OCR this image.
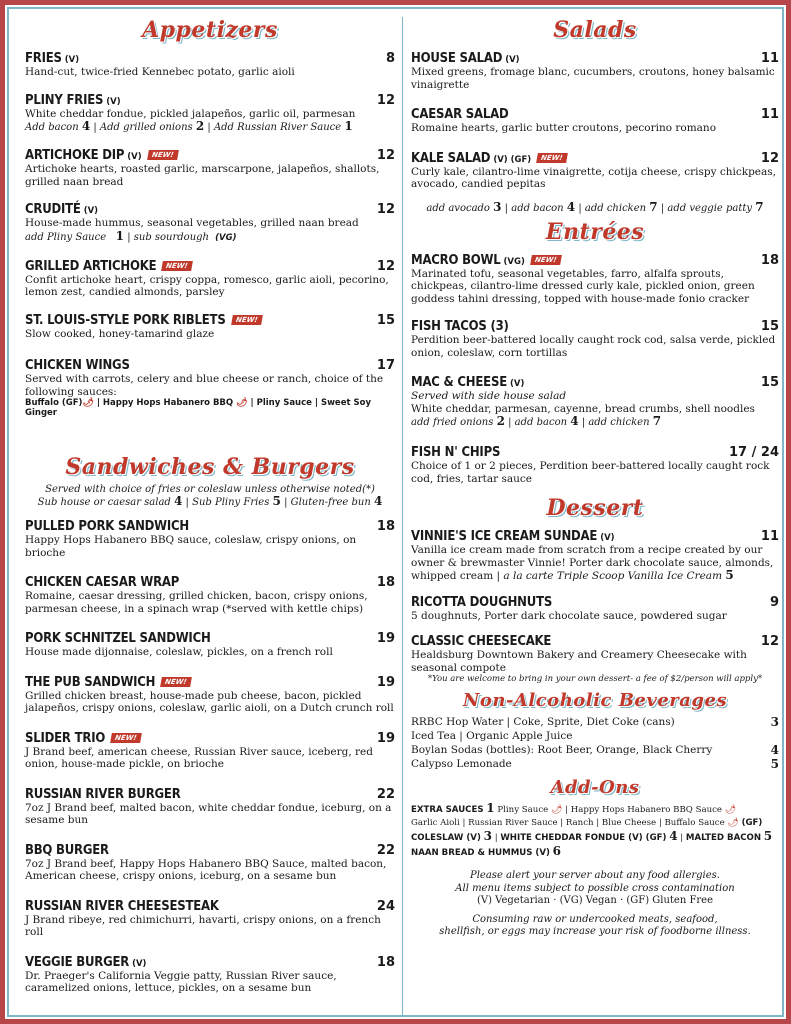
Appetizers
FRIES (V)	8
Hand-cut, twice-fried Kennebec potato, garlic aioli
PLINY FRIES (V)	12
White cheddar fondue, pickled jalapeños, garlic oil, parmesan
Add bacon 4 | Add grilled onions 2 | Add Russian River Sauce 1
ARTICHOKE DIP (V) NEW!	12
Artichoke hearts, roasted garlic, marscarpone, jalapeños, shallots, grilled naan bread
CRUDITÉ (V)	12
House-made hummus, seasonal vegetables, grilled naan bread
add Pliny Sauce 1 | sub sourdough (VG)
GRILLED ARTICHOKE NEW!	12
Confit artichoke heart, crispy coppa, romesco, garlic aioli, pecorino, lemon zest, candied almonds, parsley
ST. LOUIS-STYLE PORK RIBLETS NEW!	15
Slow cooked, honey-tamarind glaze
CHICKEN WINGS	17
Served with carrots, celery and blue cheese or ranch, choice of the following sauces:
Buffalo (GF)🌶 | Happy Hops Habanero BBQ 🌶 | Pliny Sauce | Sweet Soy Ginger
Sandwiches & Burgers
Served with choice of fries or coleslaw unless otherwise noted(*)
Sub house or caesar salad 4 | Sub Pliny Fries 5 | Gluten-free bun 4
PULLED PORK SANDWICH	18
Happy Hops Habanero BBQ sauce, coleslaw, crispy onions, on brioche
CHICKEN CAESAR WRAP	18
Romaine, caesar dressing, grilled chicken, bacon, crispy onions, parmesan cheese, in a spinach wrap (*served with kettle chips)
PORK SCHNITZEL SANDWICH	19
House made dijonnaise, coleslaw, pickles, on a french roll
THE PUB SANDWICH NEW!	19
Grilled chicken breast, house-made pub cheese, bacon, pickled jalapeños, crispy onions, coleslaw, garlic aioli, on a Dutch crunch roll
SLIDER TRIO NEW!	19
J Brand beef, american cheese, Russian River sauce, iceberg, red onion, house-made pickle, on brioche
RUSSIAN RIVER BURGER	22
7oz J Brand beef, malted bacon, white cheddar fondue, iceburg, on a sesame bun
BBQ BURGER	22
7oz J Brand beef, Happy Hops Habanero BBQ Sauce, malted bacon, American cheese, crispy onions, iceburg, on a sesame bun
RUSSIAN RIVER CHEESESTEAK	24
J Brand ribeye, red chimichurri, havarti, crispy onions, on a french roll
VEGGIE BURGER (V)	18
Dr. Praeger's California Veggie patty, Russian River sauce, caramelized onions, lettuce, pickles, on a sesame bun
Salads
HOUSE SALAD (V)	11
Mixed greens, fromage blanc, cucumbers, croutons, honey balsamic vinaigrette
CAESAR SALAD	11
Romaine hearts, garlic butter croutons, pecorino romano
KALE SALAD (V) (GF) NEW!	12
Curly kale, cilantro-lime vinaigrette, cotija cheese, crispy chickpeas, avocado, candied pepitas
add avocado 3 | add bacon 4 | add chicken 7 | add veggie patty 7
Entrées
MACRO BOWL (VG) NEW!	18
Marinated tofu, seasonal vegetables, farro, alfalfa sprouts, chickpeas, cilantro-lime dressed curly kale, pickled onion, green goddess tahini dressing, topped with house-made fonio cracker
FISH TACOS (3)	15
Perdition beer-battered locally caught rock cod, salsa verde, pickled onion, coleslaw, corn tortillas
MAC & CHEESE (V)	15
Served with side house salad
White cheddar, parmesan, cayenne, bread crumbs, shell noodles
add fried onions 2 | add bacon 4 | add chicken 7
FISH N' CHIPS	17 / 24
Choice of 1 or 2 pieces, Perdition beer-battered locally caught rock cod, fries, tartar sauce
Dessert
VINNIE'S ICE CREAM SUNDAE (V)	11
Vanilla ice cream made from scratch from a recipe created by our owner & brewmaster Vinnie! Porter dark chocolate sauce, almonds, whipped cream | a la carte Triple Scoop Vanilla Ice Cream 5
RICOTTA DOUGHNUTS	9
5 doughnuts, Porter dark chocolate sauce, powdered sugar
CLASSIC CHEESECAKE	12
Healdsburg Downtown Bakery and Creamery Cheesecake with seasonal compote
*You are welcome to bring in your own dessert- a fee of $2/person will apply*
Non-Alcoholic Beverages
RRBC Hop Water | Coke, Sprite, Diet Coke (cans)	3
Iced Tea | Organic Apple Juice
Boylan Sodas (bottles): Root Beer, Orange, Black Cherry	4
Calypso Lemonade	5
Add-Ons
EXTRA SAUCES 1 Pliny Sauce 🌶 | Happy Hops Habanero BBQ Sauce 🌶
Garlic Aioli | Russian River Sauce | Ranch | Blue Cheese | Buffalo Sauce 🌶 (GF)
COLESLAW (V) 3 | WHITE CHEDDAR FONDUE (V) (GF) 4 | MALTED BACON 5
NAAN BREAD & HUMMUS (V) 6
Please alert your server about any food allergies.
All menu items subject to possible cross contamination
(V) Vegetarian · (VG) Vegan · (GF) Gluten Free
Consuming raw or undercooked meats, seafood,
shellfish, or eggs may increase your risk of foodborne illness.
